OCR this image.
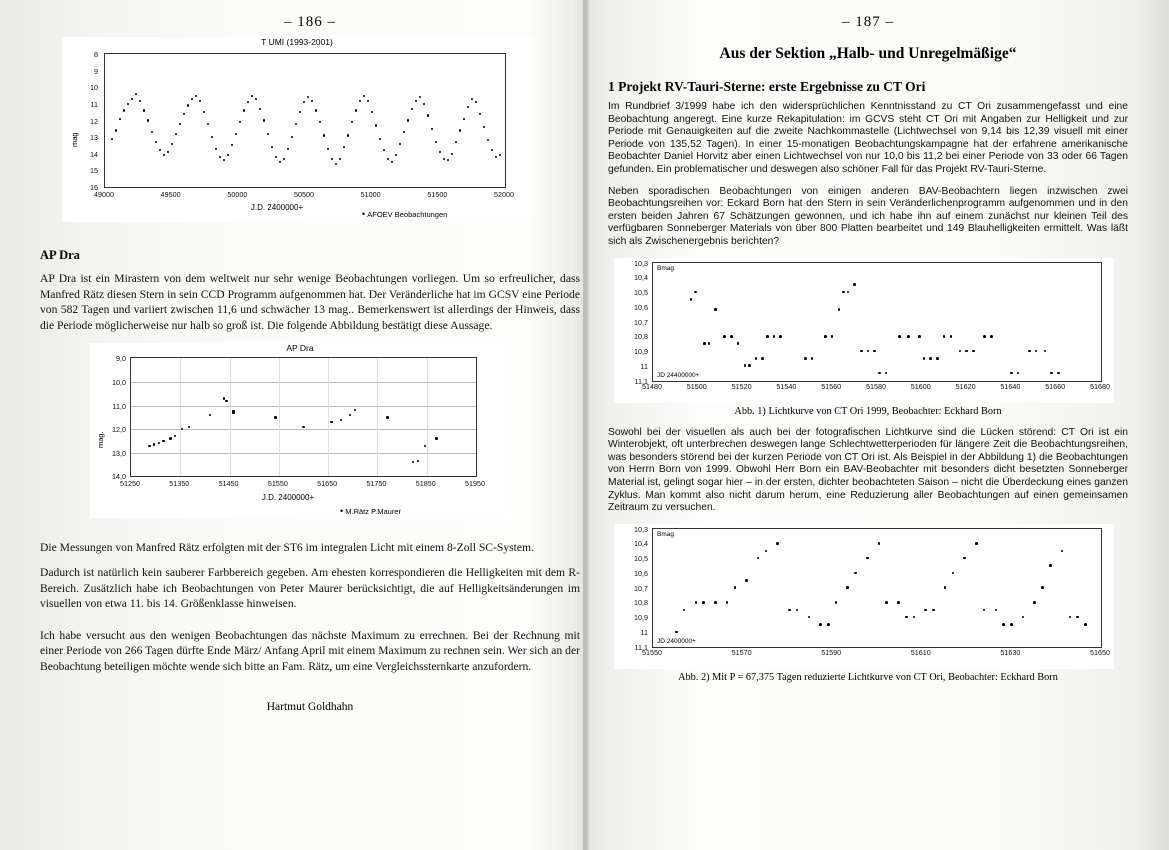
– 186 –
T UMI (1993-2001)
mag
8
9
10
11
12
13
14
15
16
49000	49500	50000	50500	51000	51500	52000
J.D. 2400000+
• AFOEV Beobachtungen
AP Dra

AP Dra ist ein Mirastern von dem weltweit nur sehr wenige Beobachtungen vorliegen. Um so erfreulicher, dass Manfred Rätz diesen Stern in sein CCD Programm aufgenommen hat. Der Veränderliche hat im GCSV eine Periode von 582 Tagen und variiert zwischen 11,6 und schwächer 13 mag.. Bemerkenswert ist allerdings der Hinweis, dass die Periode möglicherweise nur halb so groß ist. Die folgende Abbildung bestätigt diese Aussage.

AP Dra
mag.
9,0
10,0
11,0
12,0
13,0
14,0
51250	51350	51450	51550	51650	51750	51850	51950
J.D. 2400000+
• M.Rätz P.Maurer

Die Messungen von Manfred Rätz erfolgten mit der ST6 im integralen Licht mit einem 8-Zoll SC-System.

Dadurch ist natürlich kein sauberer Farbbereich gegeben. Am ehesten korrespondieren die Helligkeiten mit dem R-Bereich. Zusätzlich habe ich Beobachtungen von Peter Maurer berücksichtigt, die auf Helligkeitsänderungen im visuellen von etwa 11. bis 14. Größenklasse hinweisen.

Ich habe versucht aus den wenigen Beobachtungen das nächste Maximum zu errechnen. Bei der Rechnung mit einer Periode von 266 Tagen dürfte Ende März/ Anfang April mit einem Maximum zu rechnen sein. Wer sich an der Beobachtung beteiligen möchte wende sich bitte an Fam. Rätz, um eine Vergleichssternkarte anzufordern.

Hartmut Goldhahn
– 187 –
Aus der Sektion „Halb- und Unregelmäßige“
1 Projekt RV-Tauri-Sterne: erste Ergebnisse zu CT Ori

Im Rundbrief 3/1999 habe ich den widersprüchlichen Kenntnisstand zu CT Ori zusammengefasst und eine Beobachtung angeregt. Eine kurze Rekapitulation: im GCVS steht CT Ori mit Angaben zur Helligkeit und zur Periode mit Genauigkeiten auf die zweite Nachkommastelle (Lichtwechsel von 9,14 bis 12,39 visuell mit einer Periode von 135,52 Tagen). In einer 15-monatigen Beobachtungskampagne hat der erfahrene amerikanische Beobachter Daniel Horvitz aber einen Lichtwechsel von nur 10,0 bis 11,2 bei einer Periode von 33 oder 66 Tagen gefunden. Ein problematischer und deswegen also schöner Fall für das Projekt RV-Tauri-Sterne.

Neben sporadischen Beobachtungen von einigen anderen BAV-Beobachtern liegen inzwischen zwei Beobachtungsreihen vor: Eckard Born hat den Stern in sein Veränderlichenprogramm aufgenommen und in den ersten beiden Jahren 67 Schätzungen gewonnen, und ich habe ihn auf einem zunächst nur kleinen Teil des verfügbaren Sonneberger Materials von über 800 Platten bearbeitet und 149 Blauhelligkeiten ermittelt. Was läßt sich als Zwischenergebnis berichten?

Bmag
JD 24400000+
10,3
10,4
10,5
10,6
10,7
10,8
10,9
11
11,1
51480	51500	51520	51540	51560	51580	51600	51620	51640	51660	51680
Abb. 1) Lichtkurve von CT Ori 1999, Beobachter: Eckhard Born

Sowohl bei der visuellen als auch bei der fotografischen Lichtkurve sind die Lücken störend: CT Ori ist ein Winterobjekt, oft unterbrechen deswegen lange Schlechtwetterperioden für längere Zeit die Beobachtungsreihen, was besonders störend bei der kurzen Periode von CT Ori ist. Als Beispiel in der Abbildung 1) die Beobachtungen von Herrn Born von 1999. Obwohl Herr Born ein BAV-Beobachter mit besonders dicht besetzten Sonneberger Material ist, gelingt sogar hier – in der ersten, dichter beobachteten Saison – nicht die Überdeckung eines ganzen Zyklus. Man kommt also nicht darum herum, eine Reduzierung aller Beobachtungen auf einen gemeinsamen Zeitraum zu versuchen.

Bmag
JD 2400000+
10,3
10,4
10,5
10,6
10,7
10,8
10,9
11
11,1
51550	51570	51590	51610	51630	51650
Abb. 2) Mit P = 67,375 Tagen reduzierte Lichtkurve von CT Ori, Beobachter: Eckhard Born
